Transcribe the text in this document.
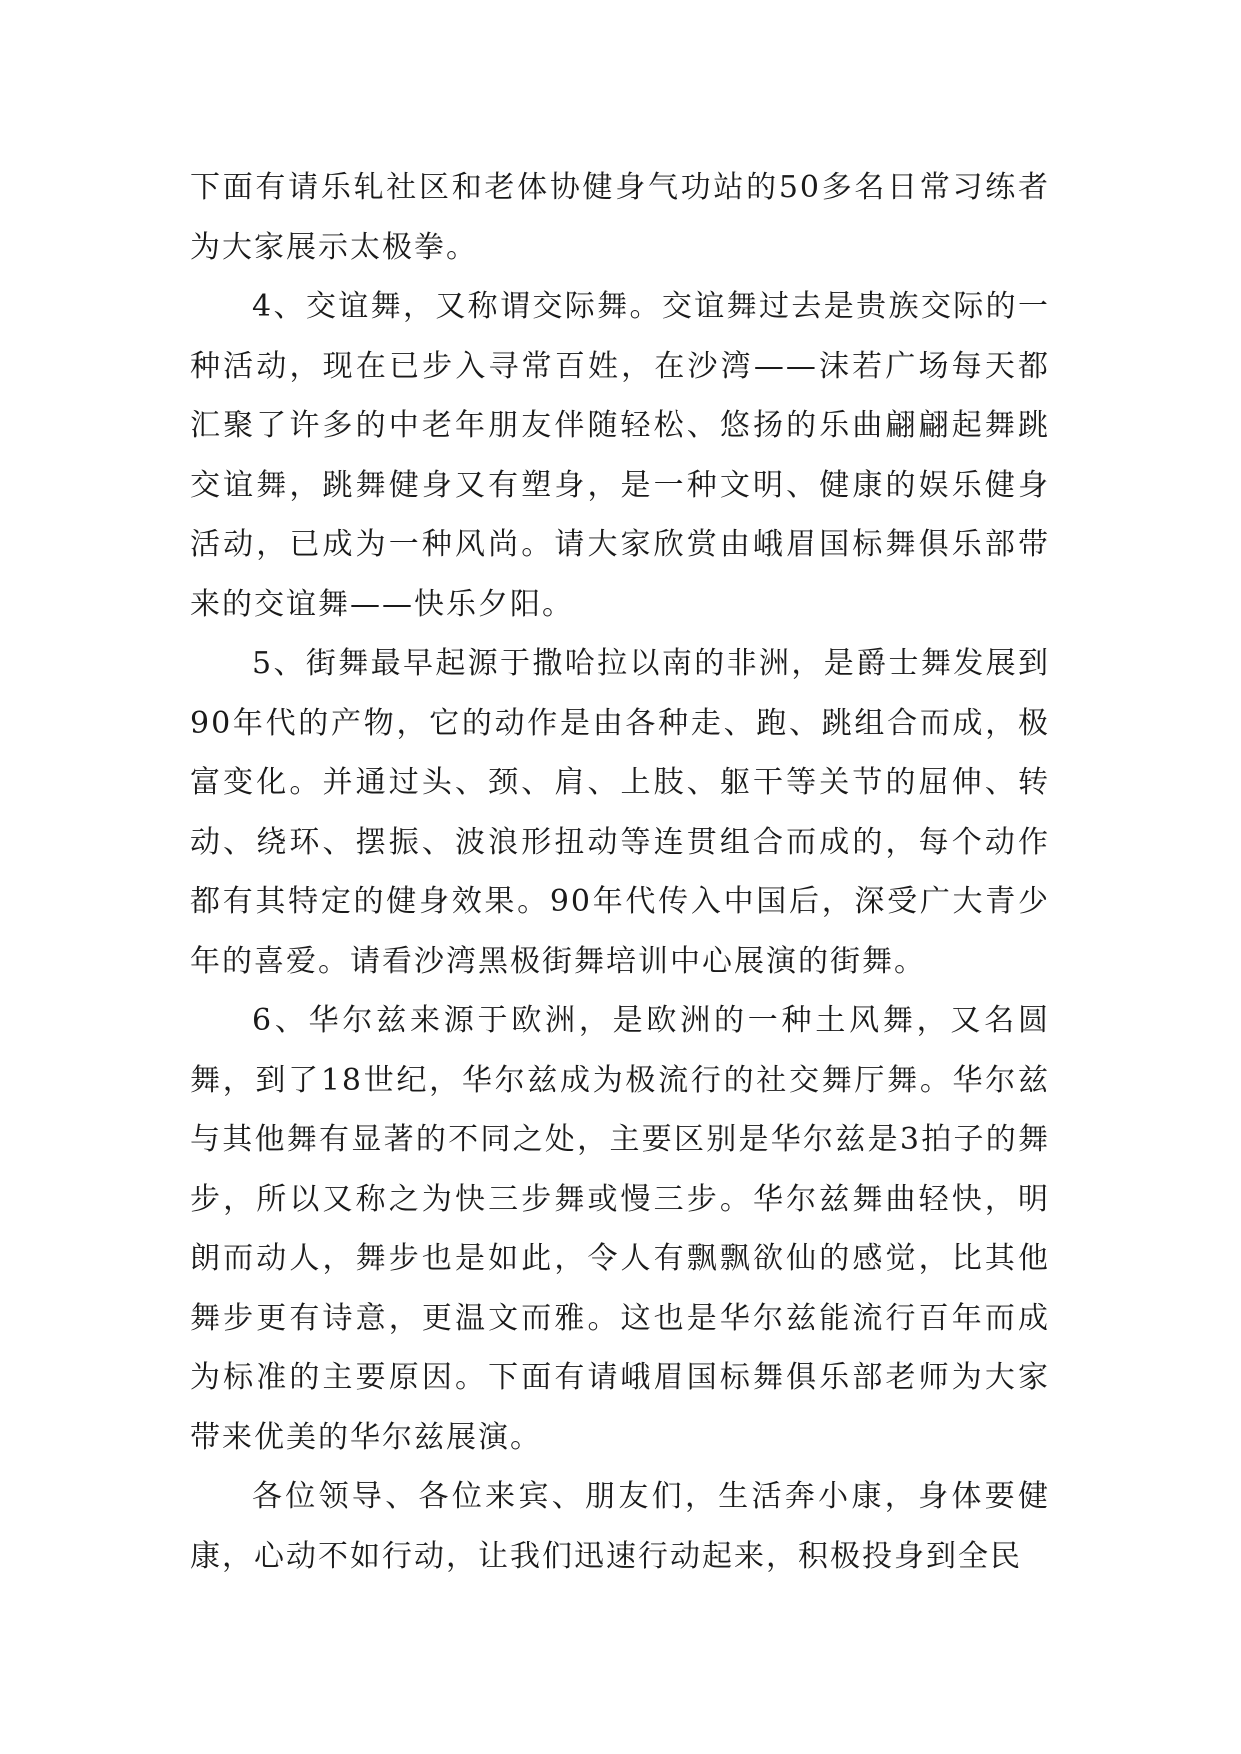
下面有请乐轧社区和老体协健身气功站的50多名日常习练者为大家展示太极拳。

4、交谊舞，又称谓交际舞。交谊舞过去是贵族交际的一种活动，现在已步入寻常百姓，在沙湾——沫若广场每天都汇聚了许多的中老年朋友伴随轻松、悠扬的乐曲翩翩起舞跳交谊舞，跳舞健身又有塑身，是一种文明、健康的娱乐健身活动，已成为一种风尚。请大家欣赏由峨眉国标舞俱乐部带来的交谊舞——快乐夕阳。

5、街舞最早起源于撒哈拉以南的非洲，是爵士舞发展到90年代的产物，它的动作是由各种走、跑、跳组合而成，极富变化。并通过头、颈、肩、上肢、躯干等关节的屈伸、转动、绕环、摆振、波浪形扭动等连贯组合而成的，每个动作都有其特定的健身效果。90年代传入中国后，深受广大青少年的喜爱。请看沙湾黑极街舞培训中心展演的街舞。

6、华尔兹来源于欧洲，是欧洲的一种土风舞，又名圆舞，到了18世纪，华尔兹成为极流行的社交舞厅舞。华尔兹与其他舞有显著的不同之处，主要区别是华尔兹是3拍子的舞步，所以又称之为快三步舞或慢三步。华尔兹舞曲轻快，明朗而动人，舞步也是如此，令人有飘飘欲仙的感觉，比其他舞步更有诗意，更温文而雅。这也是华尔兹能流行百年而成为标准的主要原因。下面有请峨眉国标舞俱乐部老师为大家带来优美的华尔兹展演。

各位领导、各位来宾、朋友们，生活奔小康，身体要健康，心动不如行动，让我们迅速行动起来，积极投身到全民
